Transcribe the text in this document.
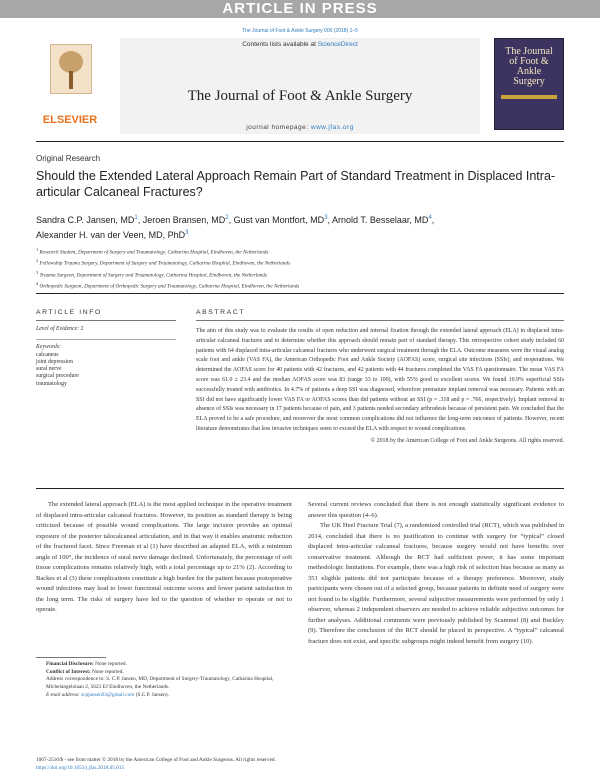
ARTICLE IN PRESS
The Journal of Foot & Ankle Surgery 000 (2018) 1–5
ELSEVIER
Contents lists available at ScienceDirect
The Journal of Foot & Ankle Surgery
journal homepage: www.jfas.org
The Journal of Foot & Ankle Surgery
Original Research
Should the Extended Lateral Approach Remain Part of Standard Treatment in Displaced Intra-articular Calcaneal Fractures?
Sandra C.P. Jansen, $MD^1$, Jeroen Bransen, $MD^2$, Gust van Montfort, $MD^3$, Arnold T. Besselaar, $MD^4$,
Alexander H. van der Veen, MD, PhD$^3$
$^1$ Research Student, Department of Surgery and Traumatology, Catharina Hospital, Eindhoven, the Netherlands
$^2$ Fellowship Trauma Surgery, Department of Surgery and Traumatology, Catharina Hospital, Eindhoven, the Netherlands
$^3$ Trauma Surgeon, Department of Surgery and Traumatology, Catharina Hospital, Eindhoven, the Netherlands
$^4$ Orthopedic Surgeon, Department of Orthopedic Surgery and Traumatology, Catharina Hospital, Eindhoven, the Netherlands
ARTICLE INFO	ABSTRACT
Level of Evidence: 2
Keywords:
calcaneus
joint depression
sural nerve
surgical procedure
traumatology
The aim of this study was to evaluate the results of open reduction and internal fixation through the extended lateral approach (ELA) in displaced intra-articular calcaneal fractures and to determine whether this approach should remain part of standard therapy. This retrospective cohort study included 60 patients with 64 displaced intra-articular calcaneal fractures who underwent surgical treatment through the ELA. Outcome measures were the visual analog scale foot and ankle (VAS FA), the American Orthopedic Foot and Ankle Society (AOFAS) score, surgical site infections (SSIs), and reoperations. We determined the AOFAS score for 40 patients with 42 fractures, and 42 patients with 44 fractures completed the VAS FA questionnaire. The mean VAS FA score was 61.0 ± 23.4 and the median AOFAS score was 83 (range 33 to 100), with 55% good to excellent scores. We found 10.9% superficial SSIs successfully treated with antibiotics. In 4.7% of patients a deep SSI was diagnosed, wherefore premature implant removal was necessary. Patients with an SSI did not have significantly lower VAS FA or AOFAS scores than did patients without an SSI (p = .318 and p = .766, respectively). Implant removal in absence of SSIs was necessary in 17 patients because of pain, and 3 patients needed secondary arthrodesis because of persistent pain. We concluded that the ELA proved to be a safe procedure, and moreover the most common complications did not influence the long-term outcomes of patients. However, recent literature demonstrates that less invasive techniques seem to exceed the ELA with respect to wound complications.
© 2018 by the American College of Foot and Ankle Surgeons. All rights reserved.

The extended lateral approach (ELA) is the most applied technique in the operative treatment of displaced intra-articular calcaneal fractures. However, its position as standard therapy is being criticized because of possible wound complications. The large incision provides an optimal exposure of the posterior talocalcaneal articulation, and in that way it enables anatomic reduction of the fractured facet. Since Freeman et al (1) have described an adapted ELA, with a minimum angle of 100°, the incidence of sural nerve damage declined. Unfortunately, the percentage of soft tissue complications remains relatively high, with a total percentage up to 21% (2). According to Backes et al (3) these complications constitute a high burden for the patient because postoperative wound infections may lead to lower functional outcome scores and lower patient satisfaction in the long term. The risks of surgery have led to the question of whether to operate or not to operate.

Several current reviews concluded that there is not enough statistically significant evidence to answer this question (4–6).

The UK Heel Fracture Trial (7), a randomized controlled trial (RCT), which was published in 2014, concluded that there is no justification to continue with surgery for “typical” closed displaced intra-articular calcaneal fractures, because surgery would not have benefits over conservative treatment. Although the RCT had sufficient power, it has some important methodologic limitations. For example, there was a high risk of selection bias because as many as 351 eligible patients did not participate because of a therapy preference. Moreover, study participants were chosen out of a selected group, because patients in definite need of surgery were not found to be eligible. Furthermore, several subjective measurements were performed by only 1 observer, whereas 2 independent observers are needed to achieve reliable subjective outcomes for further analyses. Additional comments were previously published by Scammel (8) and Buckley (9). Therefore the conclusion of the RCT should be placed in perspective. A “typical” calcaneal fracture does not exist, and specific subgroups might indeed benefit from surgery (10).

Financial Disclosure: None reported.
Conflict of Interest: None reported.
Address correspondence to: S. C.P. Jansen, MD, Department of Surgery-Traumatology, Catharina Hospital, Michelangelolaan 2, 5623 EJ Eindhoven, the Netherlands.
E-mail address: scpjansen93@gmail.com (S.C.P. Jansen).
1067-2516/$ - see front matter © 2018 by the American College of Foot and Ankle Surgeons. All rights reserved.
https://doi.org/10.1053/j.jfas.2018.05.015
